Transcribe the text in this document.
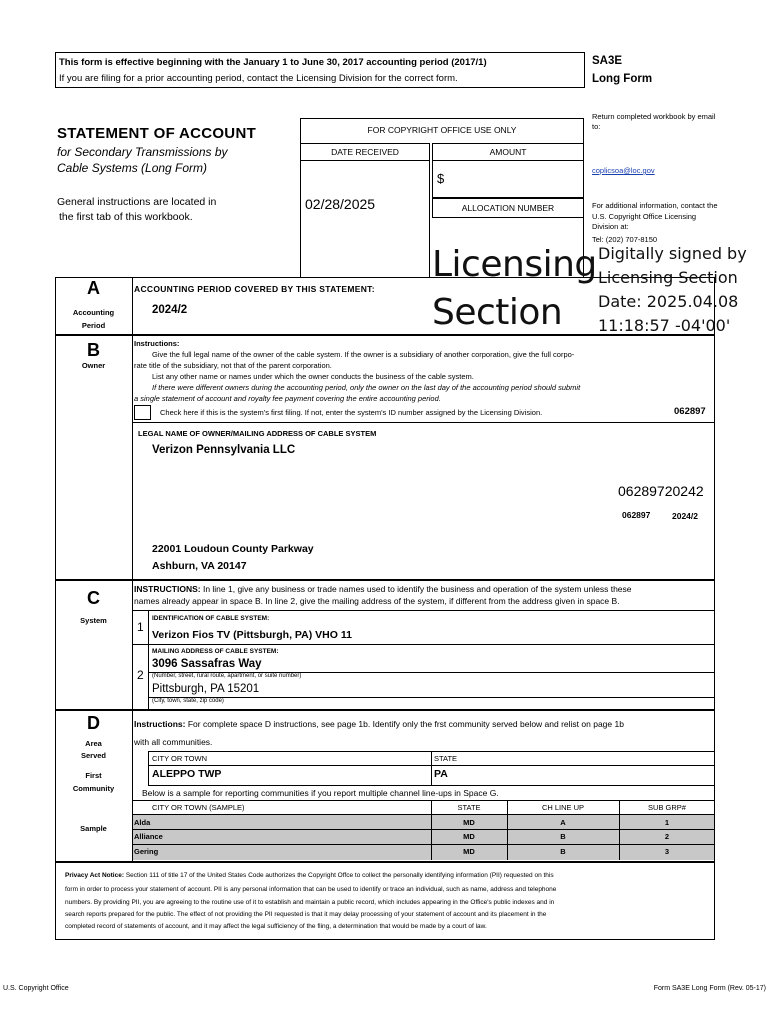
This form is effective beginning with the January 1 to June 30, 2017 accounting period (2017/1)
If you are filing for a prior accounting period, contact the Licensing Division for the correct form.
SA3E
Long Form
Return completed workbook by email to:
coplicsoa@loc.gov
For additional information, contact the U.S. Copyright Office Licensing Division at:
Tel: (202) 707-8150
STATEMENT OF ACCOUNT
for Secondary Transmissions by
Cable Systems (Long Form)
General instructions are located in
the first tab of this workbook.
FOR COPYRIGHT OFFICE USE ONLY
DATE RECEIVED
02/28/2025
AMOUNT
$
ALLOCATION NUMBER
A
Accounting
Period
ACCOUNTING PERIOD COVERED BY THIS STATEMENT:
2024/2
Licensing
Section
Digitally signed by
Licensing Section
Date: 2025.04.08
11:18:57 -04'00'
B
Owner
Instructions:
Give the full legal name of the owner of the cable system. If the owner is a subsidiary of another corporation, give the full corpo-
rate title of the subsidiary, not that of the parent corporation.
List any other name or names under which the owner conducts the business of the cable system.
If there were different owners during the accounting period, only the owner on the last day of the accounting period should submit
a single statement of account and royalty fee payment covering the entire accounting period.
Check here if this is the system's first filing. If not, enter the system's ID number assigned by the Licensing Division.	062897
LEGAL NAME OF OWNER/MAILING ADDRESS OF CABLE SYSTEM
Verizon Pennsylvania LLC
06289720242
062897	2024/2
22001 Loudoun County Parkway
Ashburn, VA 20147
C
System
INSTRUCTIONS: In line 1, give any business or trade names used to identify the business and operation of the system unless these
names already appear in space B. In line 2, give the mailing address of the system, if different from the address given in space B.
1
IDENTIFICATION OF CABLE SYSTEM:
Verizon Fios TV (Pittsburgh, PA) VHO 11
2
MAILING ADDRESS OF CABLE SYSTEM:
3096 Sassafras Way
(Number, street, rural route, apartment, or suite number)
Pittsburgh, PA 15201
(City, town, state, zip code)
D
Area
Served
First
Community
Sample
Instructions: For complete space D instructions, see page 1b. Identify only the frst community served below and relist on page 1b
with all communities.
CITY OR TOWN	STATE
ALEPPO TWP	PA
Below is a sample for reporting communities if you report multiple channel line-ups in Space G.
CITY OR TOWN (SAMPLE)	STATE	CH LINE UP	SUB GRP#
Alda	MD	A	1
Alliance	MD	B	2
Gering	MD	B	3
Privacy Act Notice: Section 111 of title 17 of the United States Code authorizes the Copyright Offce to collect the personally identifying information (PII) requested on this
form in order to process your statement of account. PII is any personal information that can be used to identify or trace an individual, such as name, address and telephone
numbers. By providing PII, you are agreeing to the routine use of it to establish and maintain a public record, which includes appearing in the Office's public indexes and in
search reports prepared for the public. The effect of not providing the PII requested is that it may delay processing of your statement of account and its placement in the
completed record of statements of account, and it may affect the legal sufficiency of the fling, a determination that would be made by a court of law.
U.S. Copyright Office	Form SA3E Long Form (Rev. 05-17)
